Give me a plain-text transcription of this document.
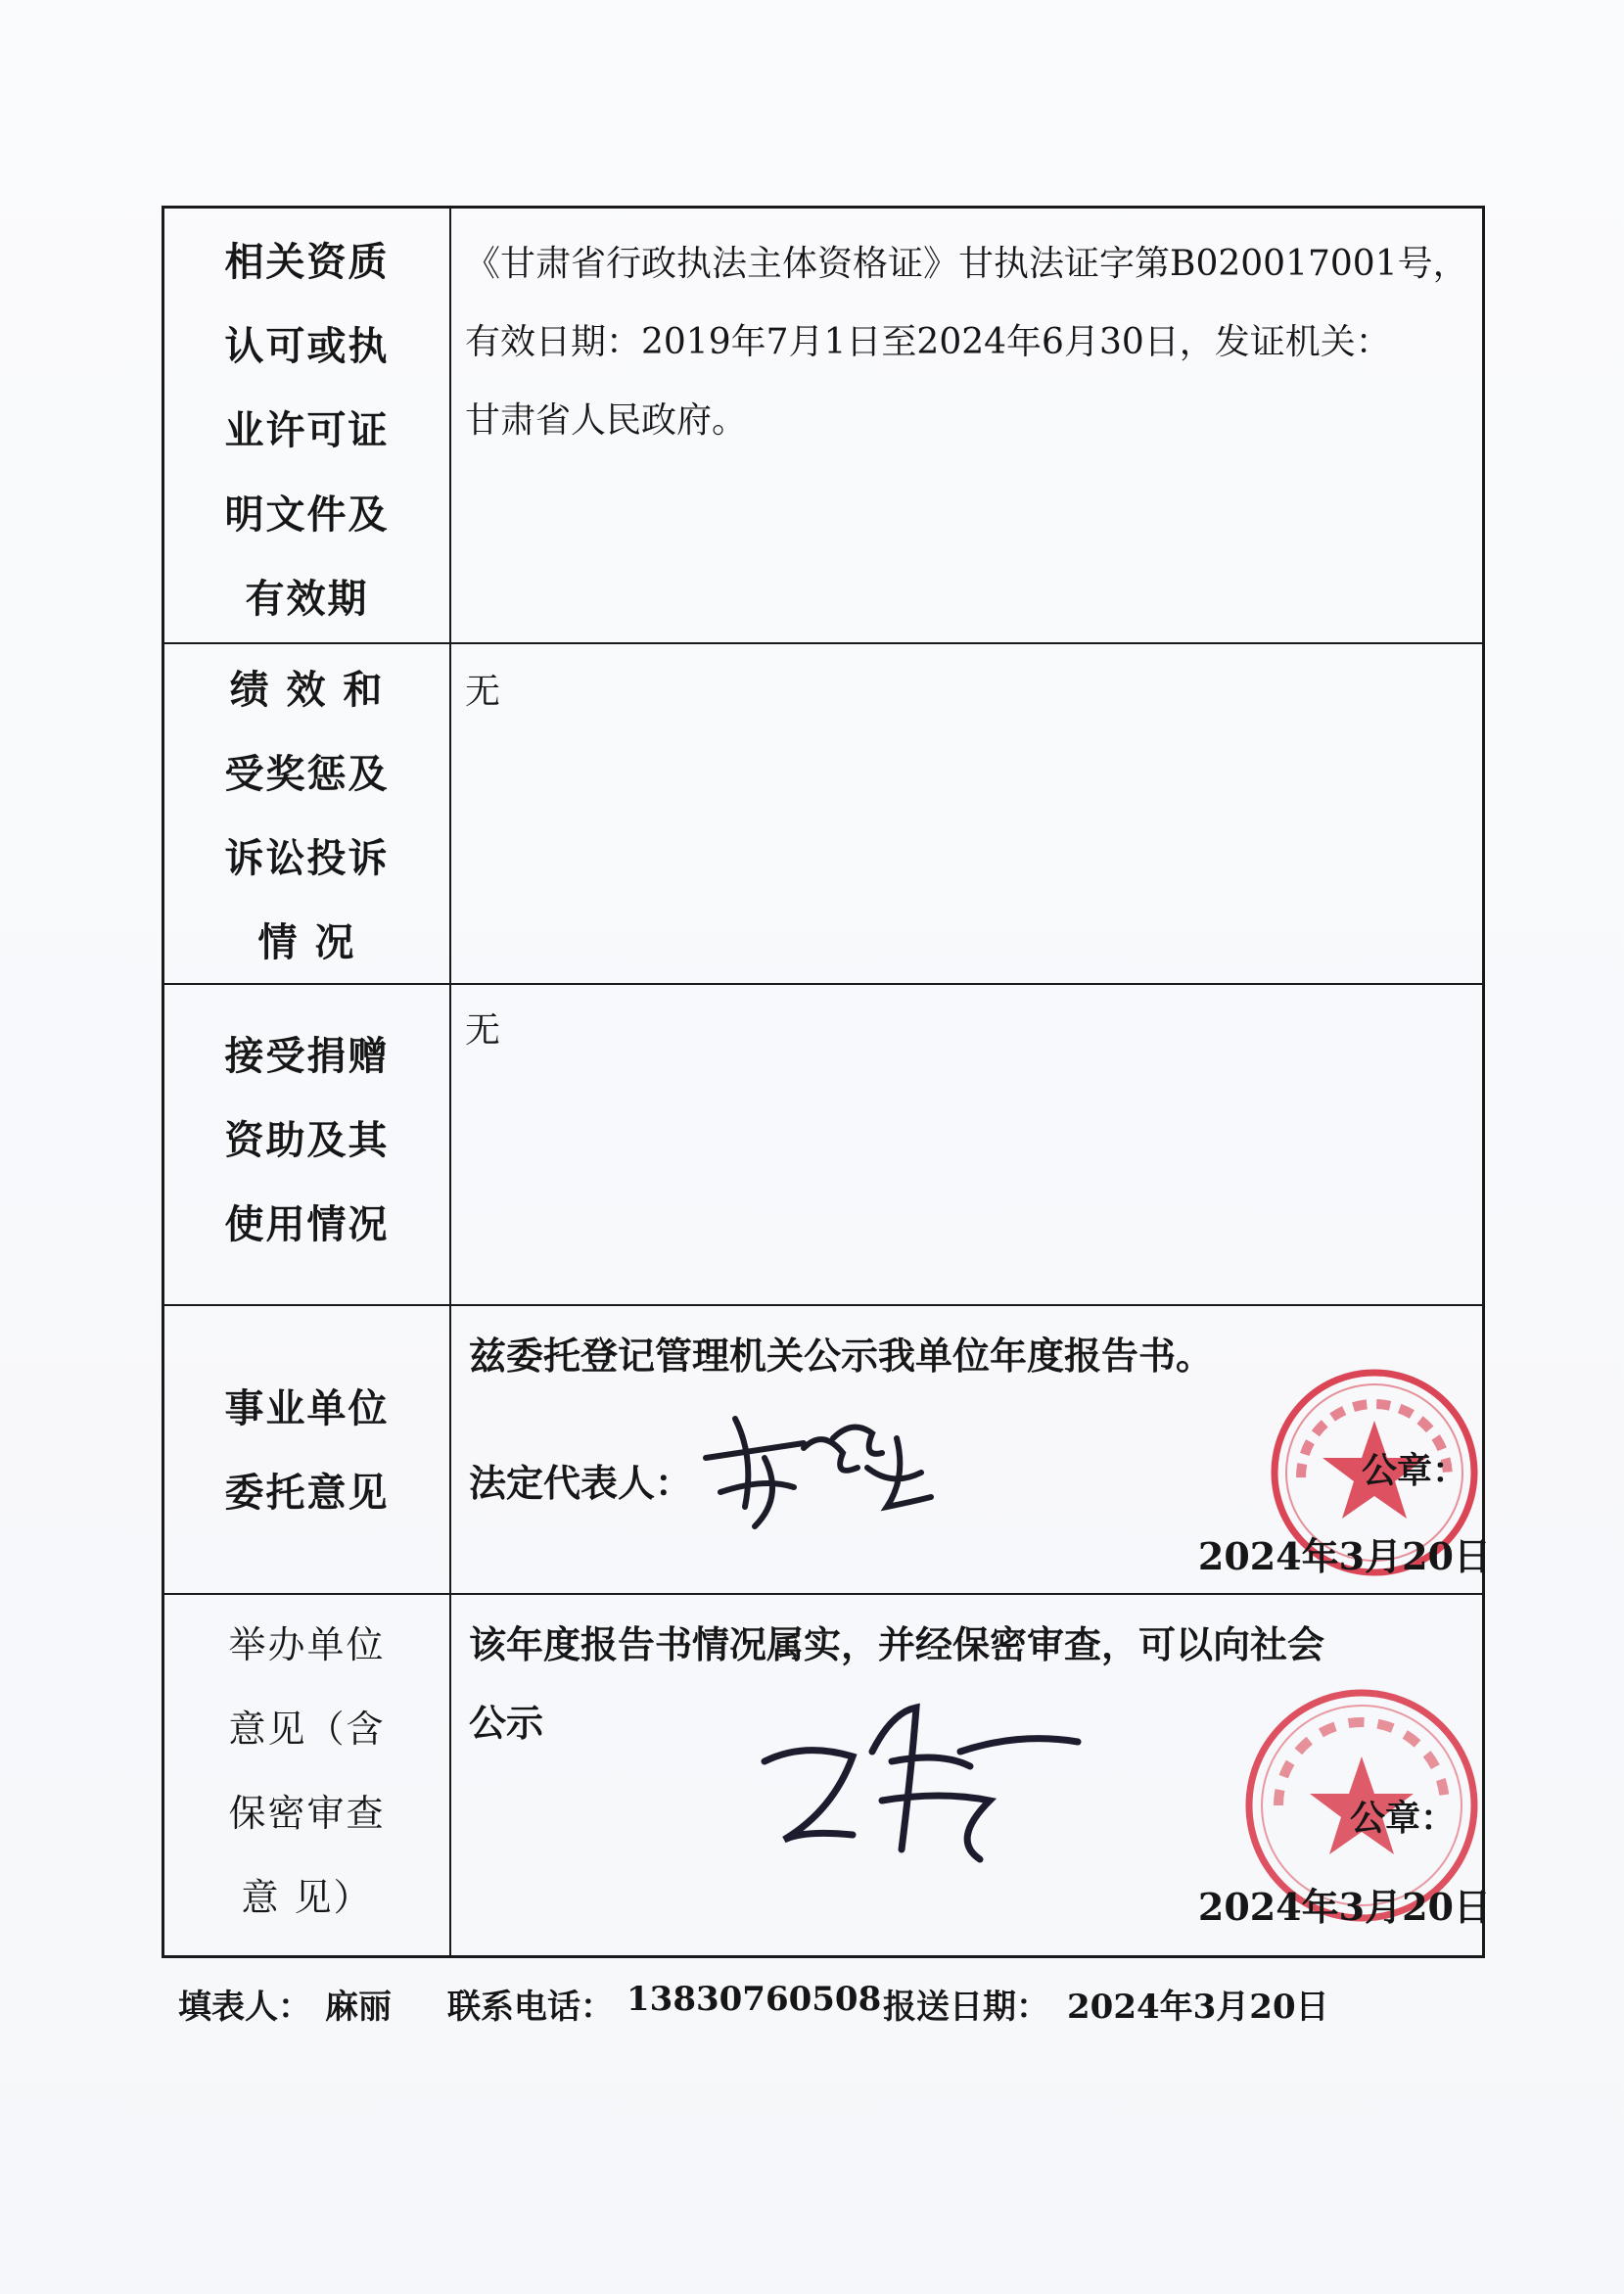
相关资质
认可或执
业许可证
明文件及
有效期
《甘肃省行政执法主体资格证》甘执法证字第B020017001号，
有效日期：2019年7月1日至2024年6月30日，发证机关：
甘肃省人民政府。
绩 效 和
受奖惩及
诉讼投诉
情 况
无
接受捐赠
资助及其
使用情况
无
事业单位
委托意见
兹委托登记管理机关公示我单位年度报告书。
法定代表人：	公章：
2024年3月20日
举办单位
意见（含
保密审查
意 见）
该年度报告书情况属实，并经保密审查，可以向社会
公示
公章：
2024年3月20日
填表人： 麻丽 联系电话： 13830760508 报送日期： 2024年3月20日
